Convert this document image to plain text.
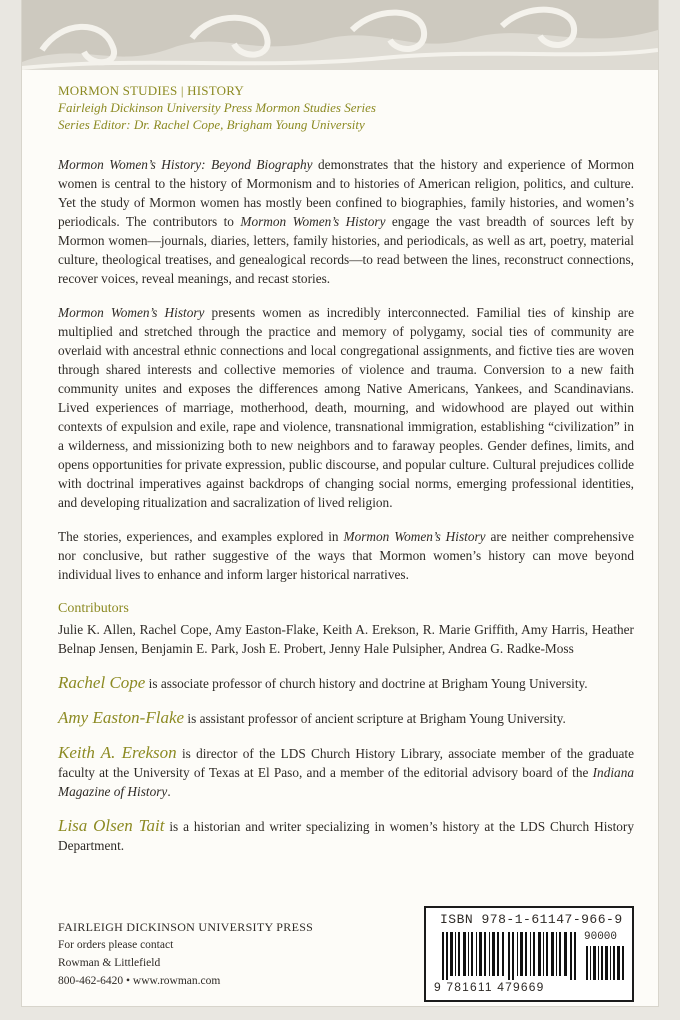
MORMON STUDIES | HISTORY
Fairleigh Dickinson University Press Mormon Studies Series
Series Editor: Dr. Rachel Cope, Brigham Young University

Mormon Women’s History: Beyond Biography demonstrates that the history and experience of Mormon women is central to the history of Mormonism and to histories of American religion, politics, and culture. Yet the study of Mormon women has mostly been confined to biographies, family histories, and women’s periodicals. The contributors to Mormon Women’s History engage the vast breadth of sources left by Mormon women—journals, diaries, letters, family histories, and periodicals, as well as art, poetry, material culture, theological treatises, and genealogical records—to read between the lines, reconstruct connections, recover voices, reveal meanings, and recast stories.

Mormon Women’s History presents women as incredibly interconnected. Familial ties of kinship are multiplied and stretched through the practice and memory of polygamy, social ties of community are overlaid with ancestral ethnic connections and local congregational assignments, and fictive ties are woven through shared interests and collective memories of violence and trauma. Conversion to a new faith community unites and exposes the differences among Native Americans, Yankees, and Scandinavians. Lived experiences of marriage, motherhood, death, mourning, and widowhood are played out within contexts of expulsion and exile, rape and violence, transnational immigration, establishing “civilization” in a wilderness, and missionizing both to new neighbors and to faraway peoples. Gender defines, limits, and opens opportunities for private expression, public discourse, and popular culture. Cultural prejudices collide with doctrinal imperatives against backdrops of changing social norms, emerging professional identities, and developing ritualization and sacralization of lived religion.

The stories, experiences, and examples explored in Mormon Women’s History are neither comprehensive nor conclusive, but rather suggestive of the ways that Mormon women’s history can move beyond individual lives to enhance and inform larger historical narratives.

Contributors

Julie K. Allen, Rachel Cope, Amy Easton-Flake, Keith A. Erekson, R. Marie Griffith, Amy Harris, Heather Belnap Jensen, Benjamin E. Park, Josh E. Probert, Jenny Hale Pulsipher, Andrea G. Radke-Moss

Rachel Cope is associate professor of church history and doctrine at Brigham Young University.

Amy Easton-Flake is assistant professor of ancient scripture at Brigham Young University.

Keith A. Erekson is director of the LDS Church History Library, associate member of the graduate faculty at the University of Texas at El Paso, and a member of the editorial advisory board of the Indiana Magazine of History.

Lisa Olsen Tait is a historian and writer specializing in women’s history at the LDS Church History Department.

FAIRLEIGH DICKINSON UNIVERSITY PRESS
For orders please contact
Rowman & Littlefield
800-462-6420 • www.rowman.com
ISBN 978-1-61147-966-9
90000
9 781611 479669
